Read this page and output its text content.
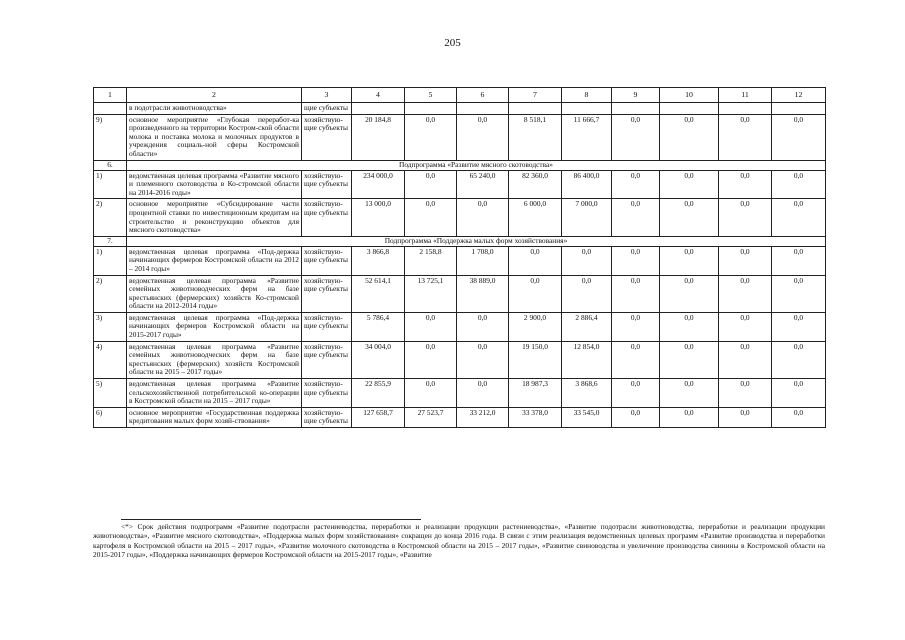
205
1	2	3	4	5	6	7	8	9	10	11	12
	в подотрасли животноводства»	щие субъекты									
9)	основное мероприятие «Глубокая переработ-ка произведенного на территории Костром-ской области молока и поставка молока и молочных продуктов в учреждения социаль-ной сферы Костромской области»	хозяйствую-щие субъекты	20 184,8	0,0	0,0	8 518,1	11 666,7	0,0	0,0	0,0	0,0
6.	Подпрограмма «Развитие мясного скотоводства»										
1)	ведомственная целевая программа «Развитие мясного и племенного скотоводства в Ко-стромской области на 2014-2016 годы»	хозяйствую-щие субъекты	234 000,0	0,0	65 240,0	82 360,0	86 400,0	0,0	0,0	0,0	0,0
2)	основное мероприятие «Субсидирование части процентной ставки по инвестиционным кредитам на строительство и реконструкцию объектов для мясного скотоводства»	хозяйствую-щие субъекты	13 000,0	0,0	0,0	6 000,0	7 000,0	0,0	0,0	0,0	0,0
7.	Подпрограмма «Поддержка малых форм хозяйствования»										
1)	ведомственная целевая программа «Под-держка начинающих фермеров Костромской области на 2012 – 2014 годы»	хозяйствую-щие субъекты	3 866,8	2 158,8	1 708,0	0,0	0,0	0,0	0,0	0,0	0,0
2)	ведомственная целевая программа «Развитие семейных животноводческих ферм на базе крестьянских (фермерских) хозяйств Ко-стромской области на 2012-2014 годы»	хозяйствую-щие субъекты	52 614,1	13 725,1	38 889,0	0,0	0,0	0,0	0,0	0,0	0,0
3)	ведомственная целевая программа «Под-держка начинающих фермеров Костромской области на 2015-2017 годы»	хозяйствую-щие субъекты	5 786,4	0,0	0,0	2 900,0	2 886,4	0,0	0,0	0,0	0,0
4)	ведомственная целевая программа «Развитие семейных животноводческих ферм на базе крестьянских (фермерских) хозяйств Костромской области на 2015 – 2017 годы»	хозяйствую-щие субъекты	34 004,0	0,0	0,0	19 150,0	12 854,0	0,0	0,0	0,0	0,0
5)	ведомственная целевая программа «Развитие сельскохозяйственной потребительской ко-операции в Костромской области на 2015 – 2017 годы»	хозяйствую-щие субъекты	22 855,9	0,0	0,0	18 987,3	3 868,6	0,0	0,0	0,0	0,0
6)	основное мероприятие «Государственная поддержка кредитования малых форм хозяй-ствования»	хозяйствую-щие субъекты	127 658,7	27 523,7	33 212,0	33 378,0	33 545,0	0,0	0,0	0,0	0,0
<*> Срок действия подпрограмм «Развитие подотрасли растениеводства, переработки и реализации продукции растениеводства», «Развитие подотрасли животноводства, переработки и реализации продукции животноводства», «Развитие мясного скотоводства», «Поддержка малых форм хозяйствования» сокращен до конца 2016 года. В связи с этим реализация ведомственных целевых программ «Развитие производства и переработки картофеля в Костромской области на 2015 – 2017 годы», «Развитие молочного скотоводства в Костромской области на 2015 – 2017 годы», «Развитие свиноводства и увеличение производства свинины в Костромской области на 2015-2017 годы», «Поддержка начинающих фермеров Костромской области на 2015-2017 годы», «Развитие
